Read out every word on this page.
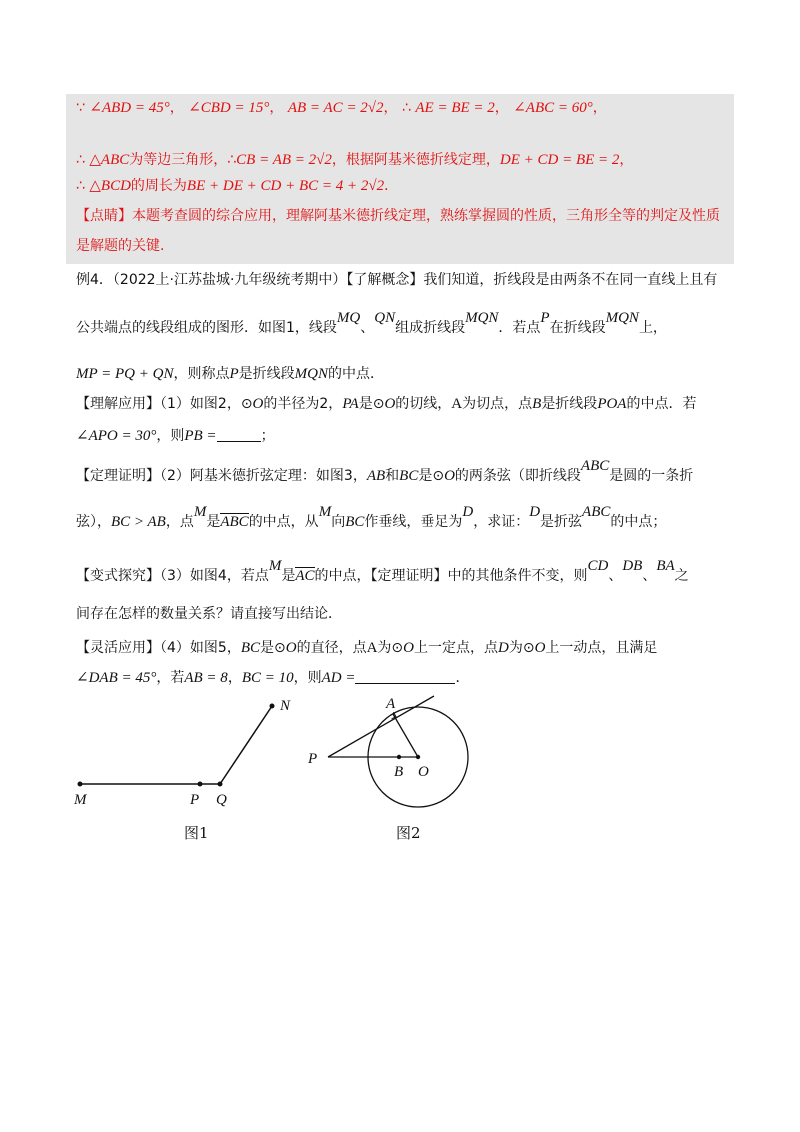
∵ ∠ABD = 45°， ∠CBD = 15°， AB = AC = 2√2， ∴ AE = BE = 2， ∠ABC = 60°，
∴ △ABC为等边三角形，∴CB = AB = 2√2，根据阿基米德折线定理，DE + CD = BE = 2，
∴ △BCD的周长为BE + DE + CD + BC = 4 + 2√2．
【点睛】本题考查圆的综合应用，理解阿基米德折线定理，熟练掌握圆的性质，三角形全等的判定及性质
是解题的关键.
例4．（2022上·江苏盐城·九年级统考期中）【了解概念】我们知道，折线段是由两条不在同一直线上且有
公共端点的线段组成的图形．如图1，线段MQ、QN组成折线段MQN．若点P在折线段MQN上，
MP = PQ + QN，则称点P是折线段MQN的中点．
【理解应用】（1）如图2，⊙O的半径为2，PA是⊙O的切线，A为切点，点B是折线段POA的中点．若
∠APO = 30°，则PB =	；
【定理证明】（2）阿基米德折弦定理：如图3，AB和BC是⊙O的两条弦（即折线段ABC是圆的一条折
弦），BC > AB，点M是ABC的中点，从M向BC作垂线，垂足为D，求证：D是折弦ABC的中点；
【变式探究】（3）如图4，若点M是AC的中点，【定理证明】中的其他条件不变，则CD、DB、BA之
间存在怎样的数量关系？请直接写出结论．
【灵活应用】（4）如图5，BC是⊙O的直径，点A为⊙O上一定点，点D为⊙O上一动点，且满足
∠DAB = 45°，若AB = 8，BC = 10，则AD =	．
M	P Q
N
图1
A
P
B O
图2
